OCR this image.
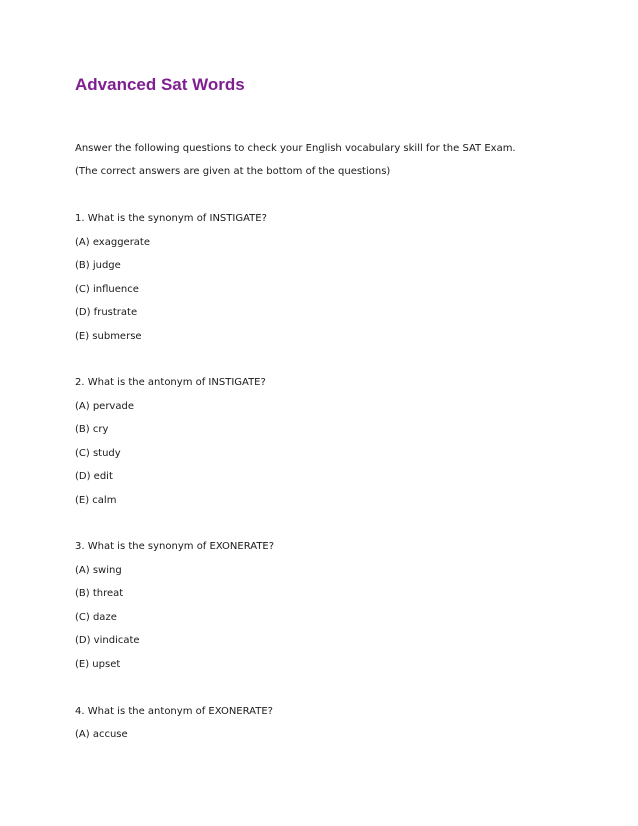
Advanced Sat Words

Answer the following questions to check your English vocabulary skill for the SAT Exam.

(The correct answers are given at the bottom of the questions)

1. What is the synonym of INSTIGATE?

(A) exaggerate

(B) judge

(C) influence

(D) frustrate

(E) submerse

2. What is the antonym of INSTIGATE?

(A) pervade

(B) cry

(C) study

(D) edit

(E) calm

3. What is the synonym of EXONERATE?

(A) swing

(B) threat

(C) daze

(D) vindicate

(E) upset

4. What is the antonym of EXONERATE?

(A) accuse
